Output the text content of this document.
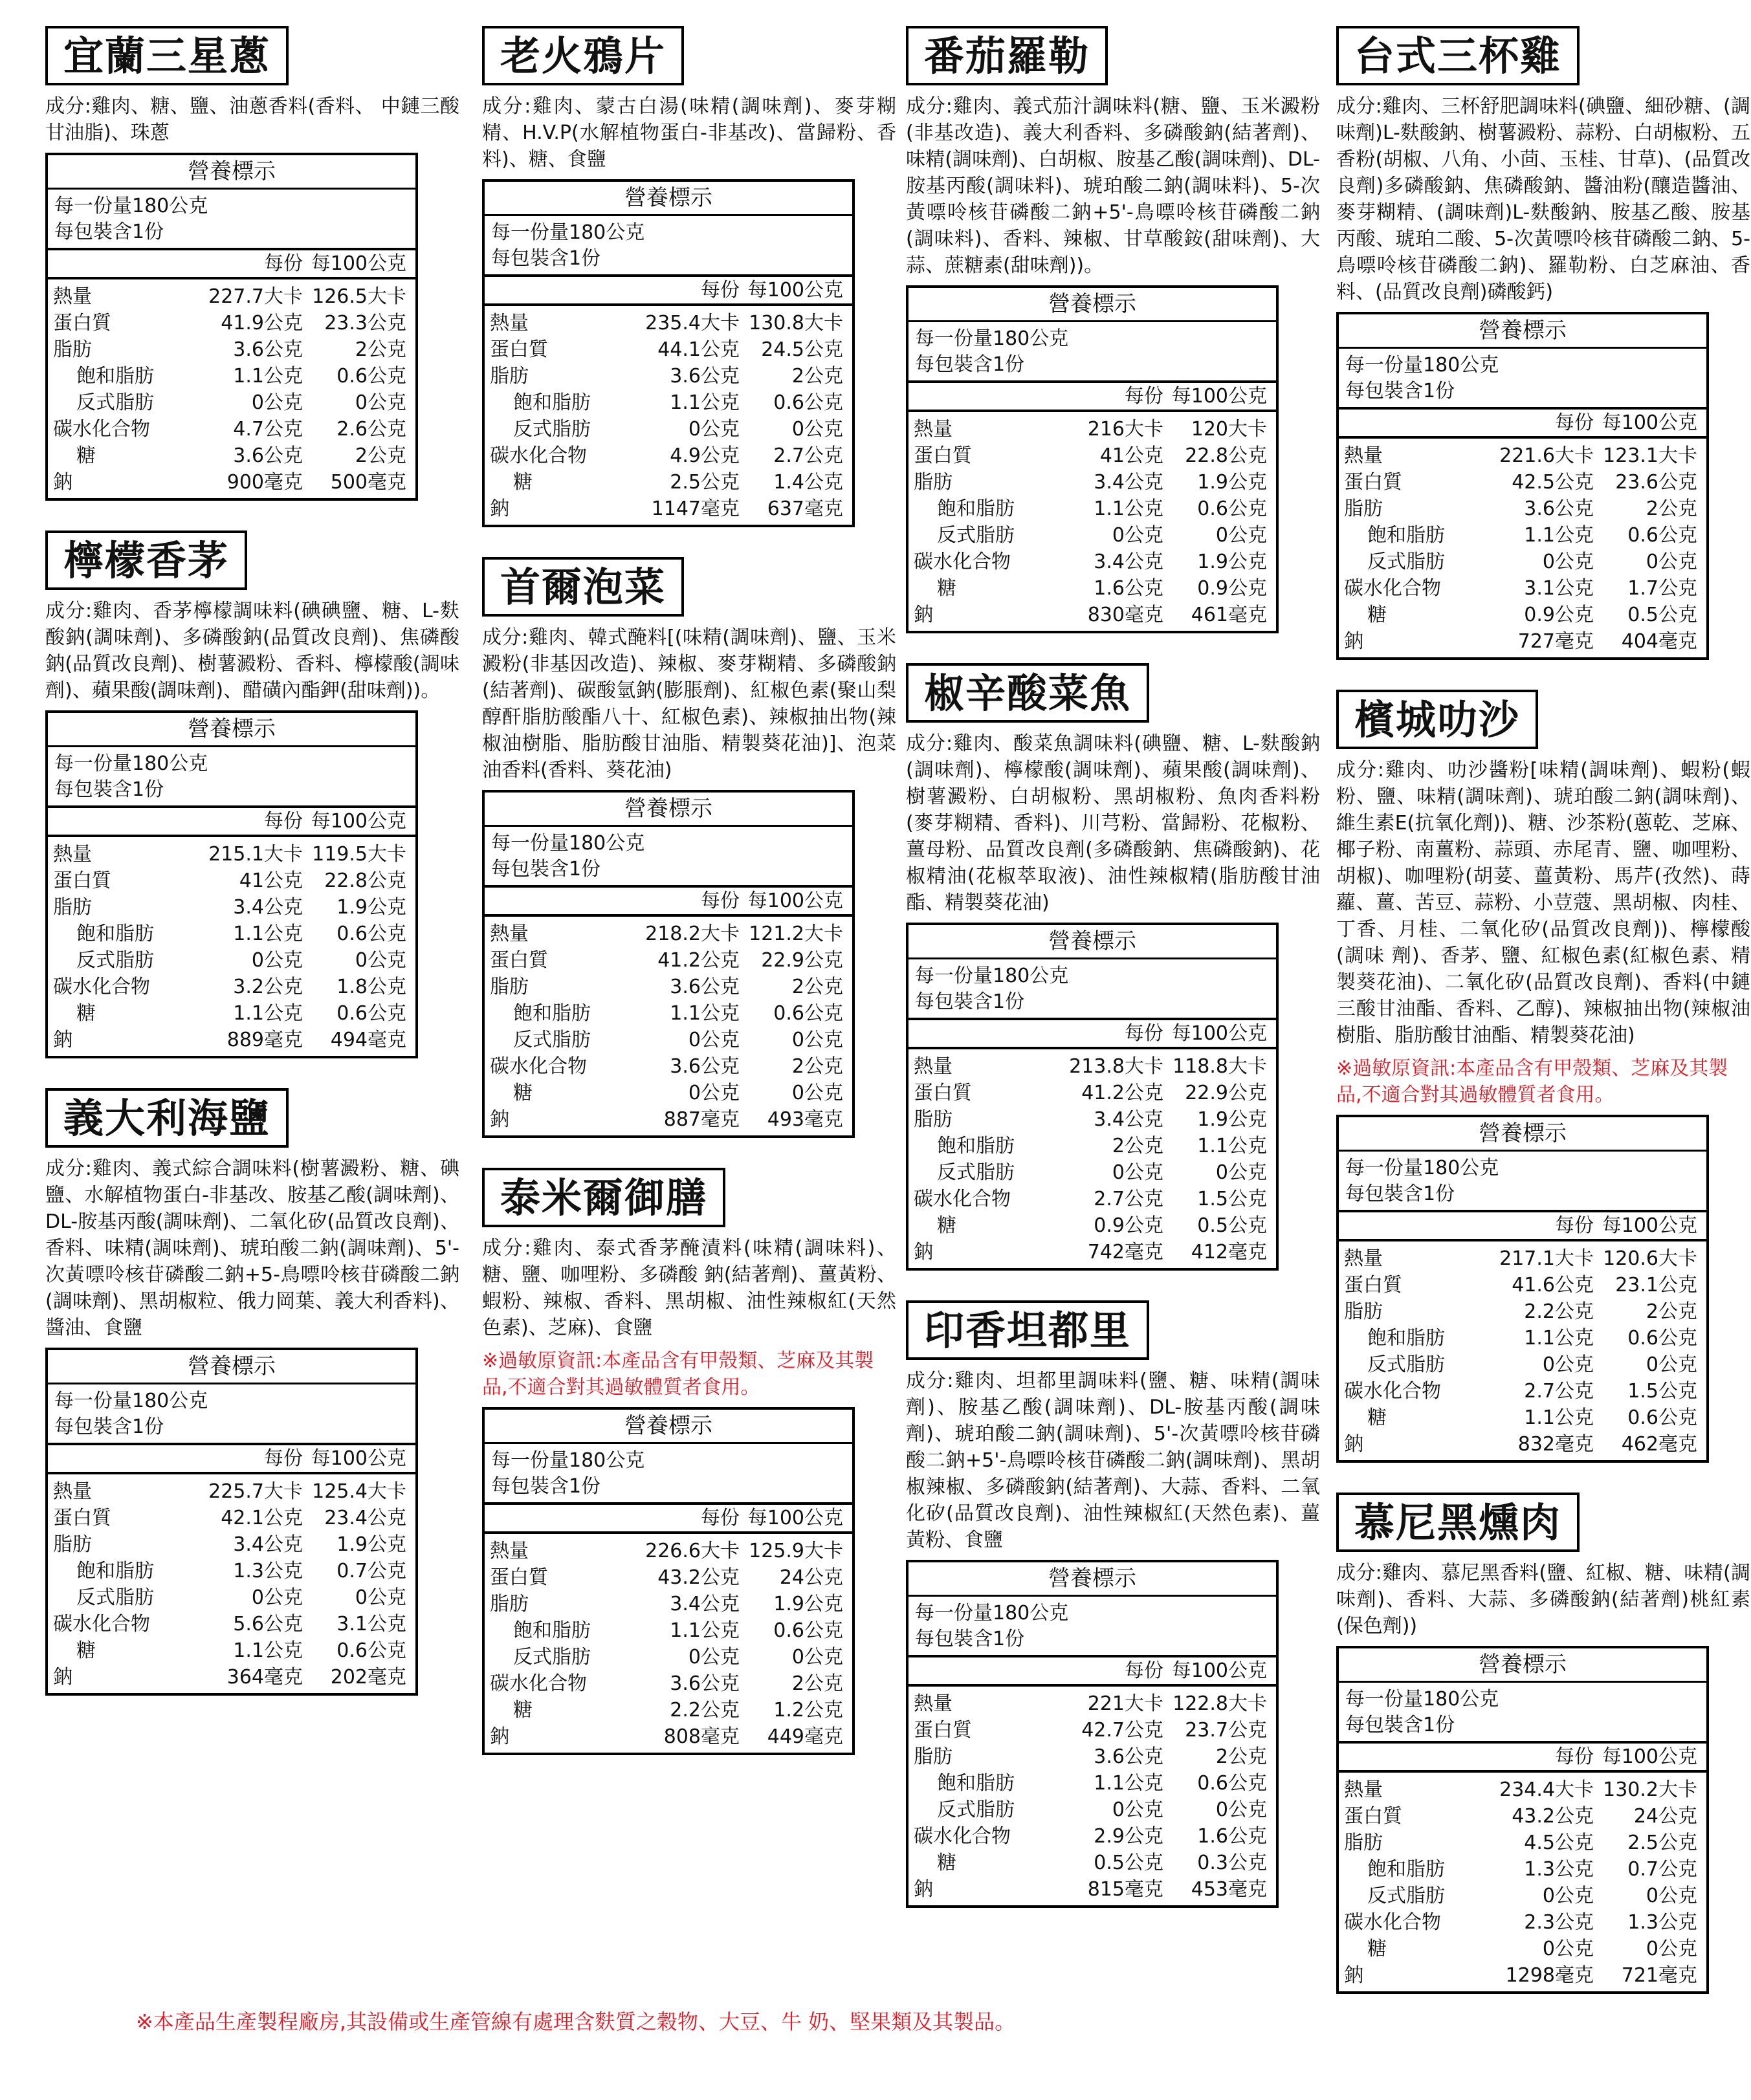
宜蘭三星蔥

成分:雞肉、糖、鹽、油蔥香料(香料、 中鏈三酸甘油脂)、珠蔥

營養標示
每一份量180公克
每包裝含1份
每份 每100公克
熱量	227.7大卡 126.5大卡
蛋白質	41.9公克	23.3公克
脂肪	3.6公克	2公克
飽和脂肪	1.1公克	0.6公克
反式脂肪	0公克	0公克
碳水化合物	4.7公克	2.6公克
糖	3.6公克	2公克
鈉	900毫克	500毫克
檸檬香茅

成分:雞肉、香茅檸檬調味料(碘碘鹽、糖、L-麩酸鈉(調味劑)、多磷酸鈉(品質改良劑)、焦磷酸鈉(品質改良劑)、樹薯澱粉、香料、檸檬酸(調味劑)、蘋果酸(調味劑)、醋磺內酯鉀(甜味劑))。

營養標示
每一份量180公克
每包裝含1份
每份 每100公克
熱量	215.1大卡 119.5大卡
蛋白質	41公克	22.8公克
脂肪	3.4公克	1.9公克
飽和脂肪	1.1公克	0.6公克
反式脂肪	0公克	0公克
碳水化合物	3.2公克	1.8公克
糖	1.1公克	0.6公克
鈉	889毫克	494毫克
義大利海鹽

成分:雞肉、義式綜合調味料(樹薯澱粉、糖、碘鹽、水解植物蛋白-非基改、胺基乙酸(調味劑)、DL-胺基丙酸(調味劑)、二氧化矽(品質改良劑)、香料、味精(調味劑)、琥珀酸二鈉(調味劑)、5'-次黃嘌呤核苷磷酸二鈉+5-鳥嘌呤核苷磷酸二鈉(調味劑)、黑胡椒粒、俄力岡葉、義大利香料)、醬油、食鹽

營養標示
每一份量180公克
每包裝含1份
每份 每100公克
熱量	225.7大卡 125.4大卡
蛋白質	42.1公克	23.4公克
脂肪	3.4公克	1.9公克
飽和脂肪	1.3公克	0.7公克
反式脂肪	0公克	0公克
碳水化合物	5.6公克	3.1公克
糖	1.1公克	0.6公克
鈉	364毫克	202毫克
老火鴉片

成分:雞肉、蒙古白湯(味精(調味劑)、麥芽糊精、H.V.P(水解植物蛋白-非基改)、當歸粉、香料)、糖、食鹽

營養標示
每一份量180公克
每包裝含1份
每份 每100公克
熱量	235.4大卡 130.8大卡
蛋白質	44.1公克	24.5公克
脂肪	3.6公克	2公克
飽和脂肪	1.1公克	0.6公克
反式脂肪	0公克	0公克
碳水化合物	4.9公克	2.7公克
糖	2.5公克	1.4公克
鈉	1147毫克	637毫克
首爾泡菜

成分:雞肉、韓式醃料[(味精(調味劑)、鹽、玉米澱粉(非基因改造)、辣椒、麥芽糊精、多磷酸鈉(結著劑)、碳酸氫鈉(膨脹劑)、紅椒色素(聚山梨醇酐脂肪酸酯八十、紅椒色素)、辣椒抽出物(辣椒油樹脂、脂肪酸甘油脂、精製葵花油)]、泡菜油香料(香料、葵花油)

營養標示
每一份量180公克
每包裝含1份
每份 每100公克
熱量	218.2大卡 121.2大卡
蛋白質	41.2公克	22.9公克
脂肪	3.6公克	2公克
飽和脂肪	1.1公克	0.6公克
反式脂肪	0公克	0公克
碳水化合物	3.6公克	2公克
糖	0公克	0公克
鈉	887毫克	493毫克
泰米爾御膳

成分:雞肉、泰式香茅醃漬料(味精(調味料)、糖、鹽、咖哩粉、多磷酸 鈉(結著劑)、薑黃粉、蝦粉、辣椒、香料、黑胡椒、油性辣椒紅(天然色素)、芝麻)、食鹽

※過敏原資訊:本產品含有甲殼類、芝麻及其製品,不適合對其過敏體質者食用。

營養標示
每一份量180公克
每包裝含1份
每份 每100公克
熱量	226.6大卡 125.9大卡
蛋白質	43.2公克	24公克
脂肪	3.4公克	1.9公克
飽和脂肪	1.1公克	0.6公克
反式脂肪	0公克	0公克
碳水化合物	3.6公克	2公克
糖	2.2公克	1.2公克
鈉	808毫克	449毫克
番茄羅勒

成分:雞肉、義式茄汁調味料(糖、鹽、玉米澱粉(非基改造)、義大利香料、多磷酸鈉(結著劑)、味精(調味劑)、白胡椒、胺基乙酸(調味劑)、DL-胺基丙酸(調味料)、琥珀酸二鈉(調味料)、5-次黃嘌呤核苷磷酸二鈉+5'-鳥嘌呤核苷磷酸二鈉(調味料)、香料、辣椒、甘草酸銨(甜味劑)、大蒜、蔗糖素(甜味劑))。

營養標示
每一份量180公克
每包裝含1份
每份 每100公克
熱量	216大卡	120大卡
蛋白質	41公克	22.8公克
脂肪	3.4公克	1.9公克
飽和脂肪	1.1公克	0.6公克
反式脂肪	0公克	0公克
碳水化合物	3.4公克	1.9公克
糖	1.6公克	0.9公克
鈉	830毫克	461毫克
椒辛酸菜魚

成分:雞肉、酸菜魚調味料(碘鹽、糖、L-麩酸鈉(調味劑)、檸檬酸(調味劑)、蘋果酸(調味劑)、樹薯澱粉、白胡椒粉、黑胡椒粉、魚肉香料粉(麥芽糊精、香料)、川芎粉、當歸粉、花椒粉、薑母粉、品質改良劑(多磷酸鈉、焦磷酸鈉)、花椒精油(花椒萃取液)、油性辣椒精(脂肪酸甘油酯、精製葵花油)

營養標示
每一份量180公克
每包裝含1份
每份 每100公克
熱量	213.8大卡 118.8大卡
蛋白質	41.2公克	22.9公克
脂肪	3.4公克	1.9公克
飽和脂肪	2公克	1.1公克
反式脂肪	0公克	0公克
碳水化合物	2.7公克	1.5公克
糖	0.9公克	0.5公克
鈉	742毫克	412毫克
印香坦都里

成分:雞肉、坦都里調味料(鹽、糖、味精(調味劑)、胺基乙酸(調味劑)、DL-胺基丙酸(調味劑)、琥珀酸二鈉(調味劑)、5'-次黃嘌呤核苷磷酸二鈉+5'-鳥嘌呤核苷磷酸二鈉(調味劑)、黑胡椒辣椒、多磷酸鈉(結著劑)、大蒜、香料、二氧化矽(品質改良劑)、油性辣椒紅(天然色素)、薑黃粉、食鹽

營養標示
每一份量180公克
每包裝含1份
每份 每100公克
熱量	221大卡 122.8大卡
蛋白質	42.7公克	23.7公克
脂肪	3.6公克	2公克
飽和脂肪	1.1公克	0.6公克
反式脂肪	0公克	0公克
碳水化合物	2.9公克	1.6公克
糖	0.5公克	0.3公克
鈉	815毫克	453毫克
台式三杯雞

成分:雞肉、三杯舒肥調味料(碘鹽、細砂糖、(調味劑)L-麩酸鈉、樹薯澱粉、蒜粉、白胡椒粉、五香粉(胡椒、八角、小茴、玉桂、甘草)、(品質改良劑)多磷酸鈉、焦磷酸鈉、醬油粉(釀造醬油、麥芽糊精、(調味劑)L-麩酸鈉、胺基乙酸、胺基丙酸、琥珀二酸、5-次黃嘌呤核苷磷酸二鈉、5-鳥嘌呤核苷磷酸二鈉)、羅勒粉、白芝麻油、香料、(品質改良劑)磷酸鈣)

營養標示
每一份量180公克
每包裝含1份
每份 每100公克
熱量	221.6大卡 123.1大卡
蛋白質	42.5公克	23.6公克
脂肪	3.6公克	2公克
飽和脂肪	1.1公克	0.6公克
反式脂肪	0公克	0公克
碳水化合物	3.1公克	1.7公克
糖	0.9公克	0.5公克
鈉	727毫克	404毫克
檳城叻沙

成分:雞肉、叻沙醬粉[味精(調味劑)、蝦粉(蝦粉、鹽、味精(調味劑)、琥珀酸二鈉(調味劑)、維生素E(抗氧化劑))、糖、沙茶粉(蔥乾、芝麻、椰子粉、南薑粉、蒜頭、赤尾青、鹽、咖哩粉、胡椒)、咖哩粉(胡荽、薑黃粉、馬芹(孜然)、蒔蘿、薑、苦豆、蒜粉、小荳蔻、黑胡椒、肉桂、丁香、月桂、二氧化矽(品質改良劑))、檸檬酸(調味 劑)、香茅、鹽、紅椒色素(紅椒色素、精製葵花油)、二氧化矽(品質改良劑)、香料(中鏈三酸甘油酯、香料、乙醇)、辣椒抽出物(辣椒油樹脂、脂肪酸甘油酯、精製葵花油)

※過敏原資訊:本產品含有甲殼類、芝麻及其製品,不適合對其過敏體質者食用。

營養標示
每一份量180公克
每包裝含1份
每份 每100公克
熱量	217.1大卡 120.6大卡
蛋白質	41.6公克	23.1公克
脂肪	2.2公克	2公克
飽和脂肪	1.1公克	0.6公克
反式脂肪	0公克	0公克
碳水化合物	2.7公克	1.5公克
糖	1.1公克	0.6公克
鈉	832毫克	462毫克
慕尼黑燻肉

成分:雞肉、慕尼黑香料(鹽、紅椒、糖、味精(調味劑)、香料、大蒜、多磷酸鈉(結著劑)桃紅素(保色劑))

營養標示
每一份量180公克
每包裝含1份
每份 每100公克
熱量	234.4大卡 130.2大卡
蛋白質	43.2公克	24公克
脂肪	4.5公克	2.5公克
飽和脂肪	1.3公克	0.7公克
反式脂肪	0公克	0公克
碳水化合物	2.3公克	1.3公克
糖	0公克	0公克
鈉	1298毫克	721毫克
※本產品生產製程廠房,其設備或生產管線有處理含麩質之穀物、大豆、牛 奶、堅果類及其製品。
